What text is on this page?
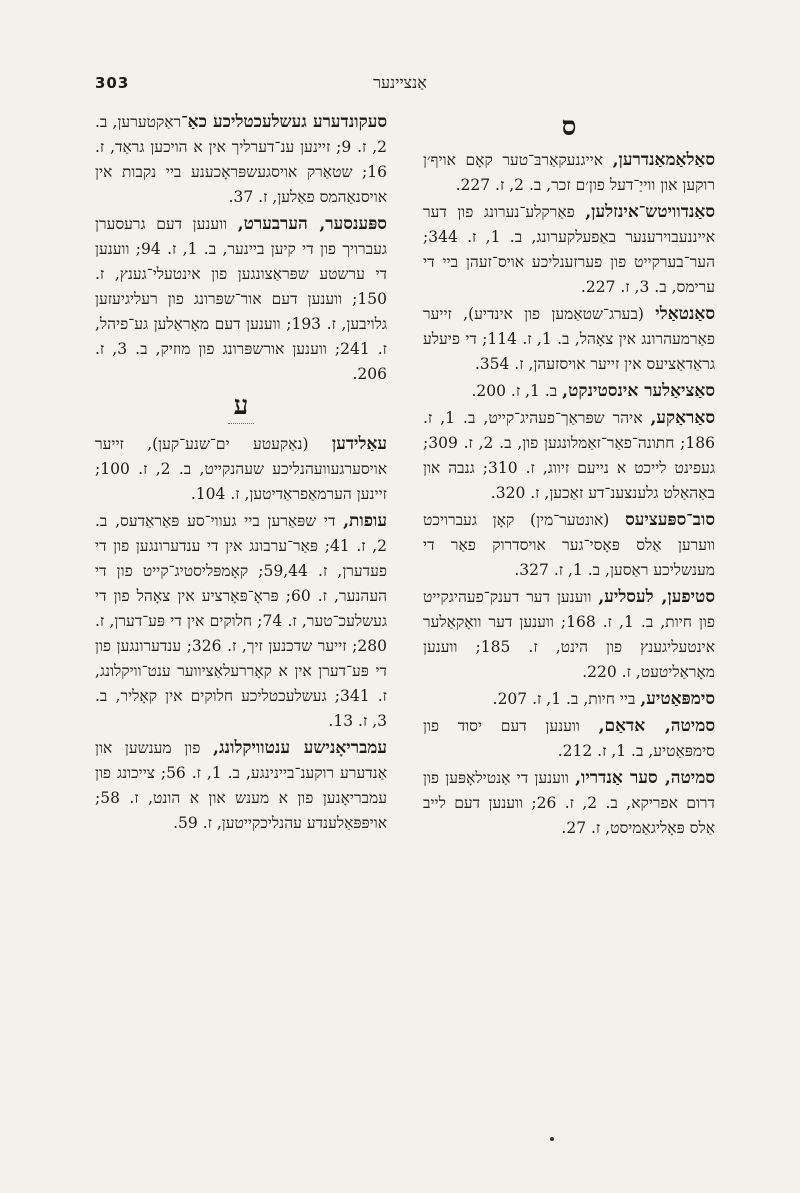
303	אַנציינער
ס

סאַלאַמאַנדרען, אייגנעקאַרבּ־טער קאָם אויף׳ן רוקען און ווייַ־דעל פון׳ם זכר, ב. 2, ז. 227.

סאַנדוויטש־אינזלען, פאַרקלע־נערונג פון דער אייננעבוירענער באַפעלקערונג, ב. 1, ז. 344; הער־בערקייט פון פערזענליכע אויס־זעהן ביי די ערימס, ב. 3, ז. 227.

סאַנטאַלי (בערג־שטאַמען פון אינדיע), זייער פאַרמעהרונג אין צאָהל, ב. 1, ז. 114; די פיעלע גראַדאַציעס אין זייער אויסזעהן, ז. 354.

סאַציאַלער אינסטינקט, ב. 1, ז. 200.

סאַראַקע, איהר שפּראַך־פעהיג־קייט, ב. 1, ז. 186; חתונה־פאַר־זאַמלונגען פון, ב. 2, ז. 309; געפינט לייכט א נייעם זיווג, ז. 310; גנבה און באַהאַלט גלענצענ־דע זאַכען, ז. 320.

סוב־ספּעציעס (אונטער־מין) קאָן געברויכט ווערען אַלס פּאָסי־גער אויסדרוק פאַר די מענשליכע ראַסען, ב. 1, ז. 327.

סטיפען, לעסליע, ווענען דער דענק־פעהיגקייט פון חיות, ב. 1, ז. 168; ווענען דער וואָקאַלער אינטעליגענץ פון הינט, ז. 185; ווענען מאָראַליטעט, ז. 220.

סימפּאַטיע, ביי חיות, ב. 1, ז. 207.

סמיטה, אדאַם, ווענען דעם יסוד פון סימפּאַטיע, ב. 1, ז. 212.

סמיטה, סער אַנדריו, ווענען די אַנטילאָפּען פון דרום אפריקא, ב. 2, ז. 26; ווענען דעם לייב אַלס פּאָליגאַמיסט, ז. 27.

סעקונדערע געשלעכטליכע כאַ־ראַקטערען, ב. 2, ז. 9; זיינען ענ־דערליך אין א הויכען גראַד, ז. 16; שטאַרק אויסגעשפּראָכענע ביי נקבות אין אויסנאַהמס פאַלען, ז. 37.

ספּענסער, הערבערט, ווענען דעם גרעסערן געברויך פון די קיען ביינער, ב. 1, ז. 94; ווענען די ערשטע שפּראַצונגען פון אינטעלי־גענץ, ז. 150; ווענען דעם אור־שפּרונג פון רעליגיעזען גלויבען, ז. 193; ווענען דעם מאָראַלען גע־פיהל, ז. 241; ווענען אורשפּרונג פון מוזיק, ב. 3, ז. 206.

ע

עאַלידען (נאַקעטע ים־שנע־קען), זייער אויסערגעוועהנליכע שעהנקייט, ב. 2, ז. 100; זיינען הערמאַפראַדיטען, ז. 104.

עופות, די שפּאַרען ביי געווי־סע פּאַראַדעס, ב. 2, ז. 41; פּאַר־ערבונג אין די ענדערונגען פון די פעדערן, ז. 59,44; קאָמפּליסטיג־קייט פון די העהנער, ז. 60; פּראָ־פּאָרציע אין צאָהל פון די געשלעכ־טער, ז. 74; חלוקים אין די פּע־דערן, ז. 280; זייער שדכנען זיך, ז. 326; ענדערונגען פון די פּע־דערן אין א קאָררעלאַציווער ענט־וויקלונג, ז. 341; געשלעכטליכע חלוקים אין קאָליר, ב. 3, ז. 13.

עמבריאָנישע ענטוויקלונג, פון מענשען און אַנדערע רוקענ־ביינינגע, ב. 1, ז. 56; צייכונג פון עמבריאָנען פון א מענש און א הונט, ז. 58; אויפּפּאַלענדע עהנליכקייטען, ז. 59.
